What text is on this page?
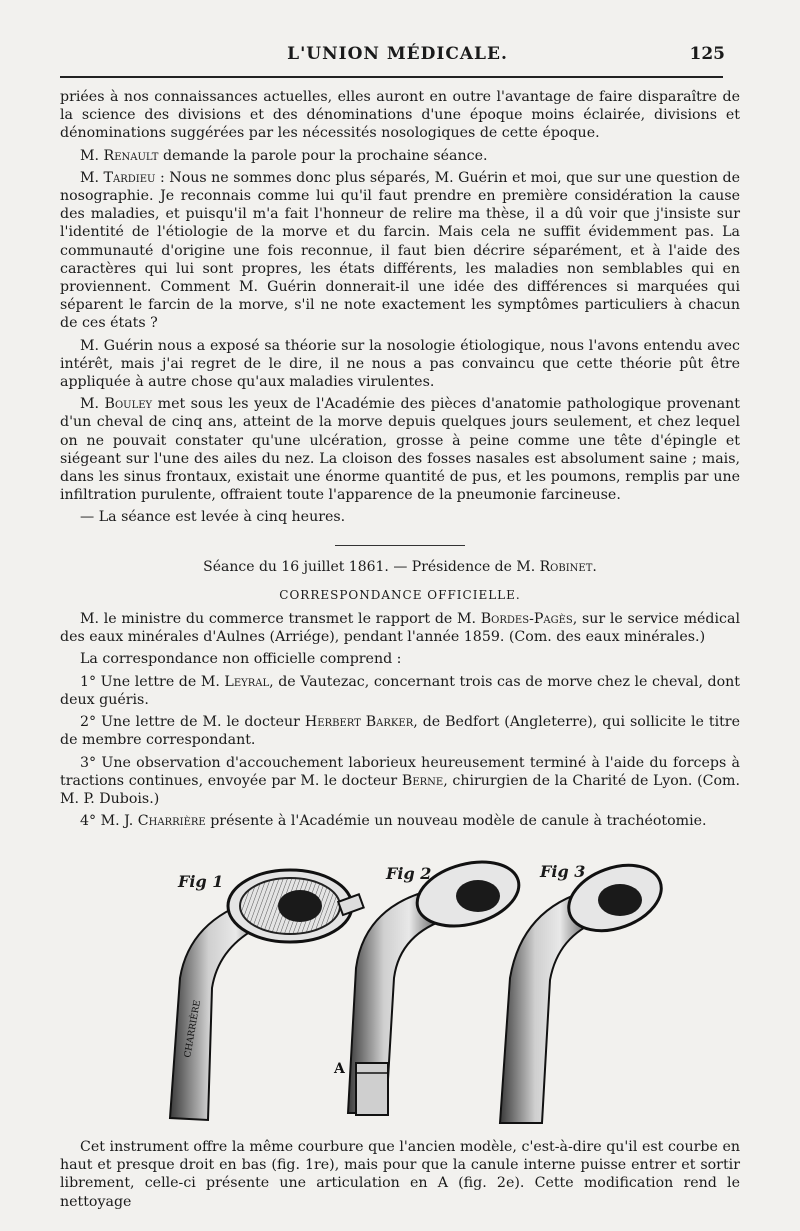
L'UNION MÉDICALE.	125

priées à nos connaissances actuelles, elles auront en outre l'avantage de faire disparaître de la science des divisions et des dénominations d'une époque moins éclairée, divisions et dénominations suggérées par les nécessités nosologiques de cette époque.

M. Renault demande la parole pour la prochaine séance.

M. Tardieu : Nous ne sommes donc plus séparés, M. Guérin et moi, que sur une question de nosographie. Je reconnais comme lui qu'il faut prendre en première considération la cause des maladies, et puisqu'il m'a fait l'honneur de relire ma thèse, il a dû voir que j'insiste sur l'identité de l'étiologie de la morve et du farcin. Mais cela ne suffit évidemment pas. La communauté d'origine une fois reconnue, il faut bien décrire séparément, et à l'aide des caractères qui lui sont propres, les états différents, les maladies non semblables qui en proviennent. Comment M. Guérin donnerait-il une idée des différences si marquées qui séparent le farcin de la morve, s'il ne note exactement les symptômes particuliers à chacun de ces états ?

M. Guérin nous a exposé sa théorie sur la nosologie étiologique, nous l'avons entendu avec intérêt, mais j'ai regret de le dire, il ne nous a pas convaincu que cette théorie pût être appliquée à autre chose qu'aux maladies virulentes.

M. Bouley met sous les yeux de l'Académie des pièces d'anatomie pathologique provenant d'un cheval de cinq ans, atteint de la morve depuis quelques jours seulement, et chez lequel on ne pouvait constater qu'une ulcération, grosse à peine comme une tête d'épingle et siégeant sur l'une des ailes du nez. La cloison des fosses nasales est absolument saine ; mais, dans les sinus frontaux, existait une énorme quantité de pus, et les poumons, remplis par une infiltration purulente, offraient toute l'apparence de la pneumonie farcineuse.

— La séance est levée à cinq heures.

Séance du 16 juillet 1861. — Présidence de M. Robinet.

CORRESPONDANCE OFFICIELLE.

M. le ministre du commerce transmet le rapport de M. Bordes-Pagès, sur le service médical des eaux minérales d'Aulnes (Arriége), pendant l'année 1859. (Com. des eaux minérales.)

La correspondance non officielle comprend :

1° Une lettre de M. Leyral, de Vautezac, concernant trois cas de morve chez le cheval, dont deux guéris.

2° Une lettre de M. le docteur Herbert Barker, de Bedfort (Angleterre), qui sollicite le titre de membre correspondant.

3° Une observation d'accouchement laborieux heureusement terminé à l'aide du forceps à tractions continues, envoyée par M. le docteur Berne, chirurgien de la Charité de Lyon. (Com. M. P. Dubois.)

4° M. J. Charrière présente à l'Académie un nouveau modèle de canule à trachéotomie.

Fig 1	Fig 2	Fig 3
CHARRIÈRE
A

Cet instrument offre la même courbure que l'ancien modèle, c'est-à-dire qu'il est courbe en haut et presque droit en bas (fig. 1re), mais pour que la canule interne puisse entrer et sortir librement, celle-ci présente une articulation en A (fig. 2e). Cette modification rend le nettoyage
